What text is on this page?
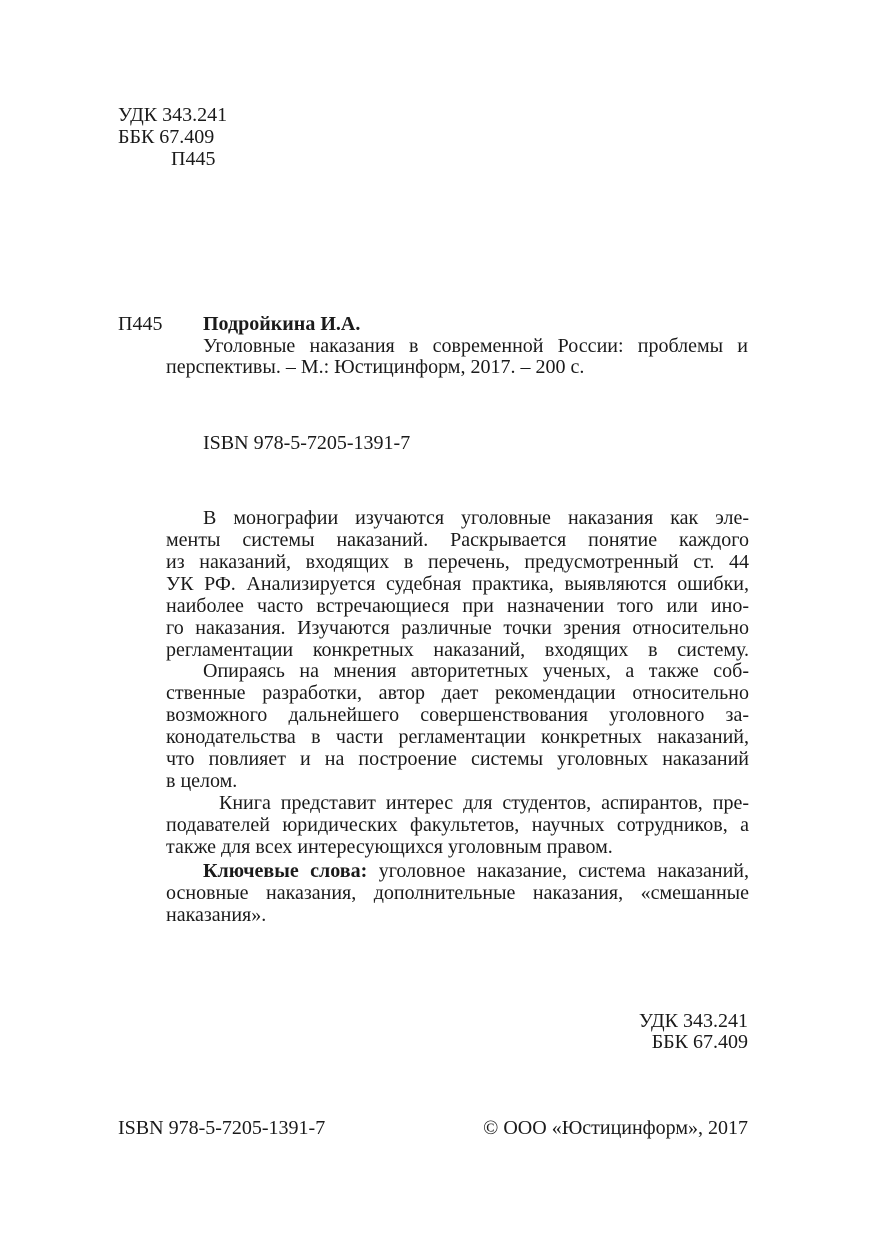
УДК 343.241
ББК 67.409
П445
П445 Подройкина И.А.
Уголовные наказания в современной России: проблемы и
перспективы. – М.: Юстицинформ, 2017. – 200 с.
ISBN 978-5-7205-1391-7
В монографии изучаются уголовные наказания как эле-
менты системы наказаний. Раскрывается понятие каждого
из наказаний, входящих в перечень, предусмотренный ст. 44
УК РФ. Анализируется судебная практика, выявляются ошибки,
наиболее часто встречающиеся при назначении того или ино-
го наказания. Изучаются различные точки зрения относительно
регламентации конкретных наказаний, входящих в систему.
Опираясь на мнения авторитетных ученых, а также соб-
ственные разработки, автор дает рекомендации относительно
возможного дальнейшего совершенствования уголовного за-
конодательства в части регламентации конкретных наказаний,
что повлияет и на построение системы уголовных наказаний
в целом.
Книга представит интерес для студентов, аспирантов, пре-
подавателей юридических факультетов, научных сотрудников, а
также для всех интересующихся уголовным правом.
Ключевые слова: уголовное наказание, система наказаний,
основные наказания, дополнительные наказания, «смешанные
наказания».
УДК 343.241
ББК 67.409
ISBN 978-5-7205-1391-7	© ООО «Юстицинформ», 2017
